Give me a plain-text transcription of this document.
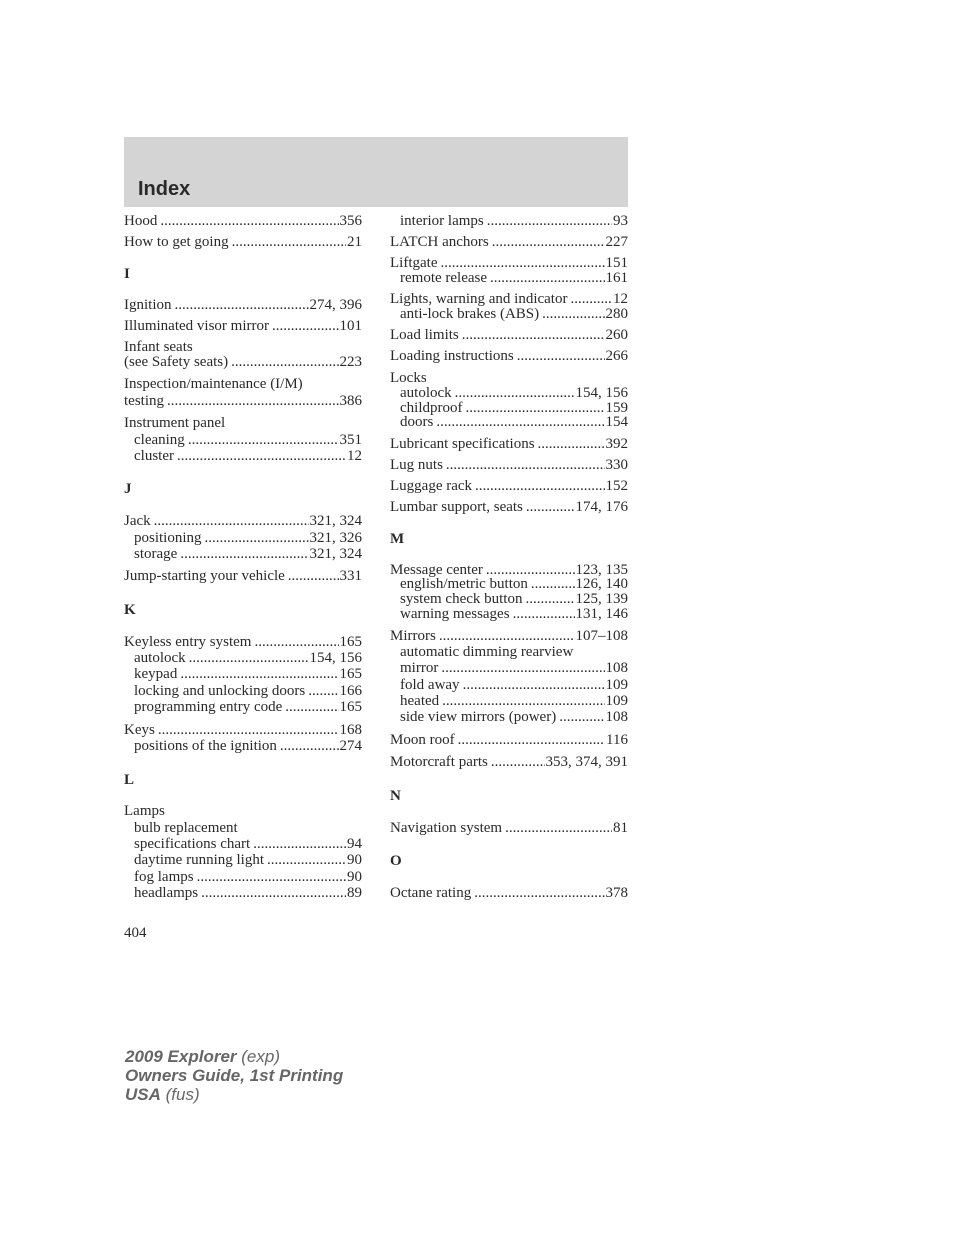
Index
Hood .....	356
How to get going .....	21
I
Ignition .....	274, 396
Illuminated visor mirror .....	101
Infant seats
(see Safety seats) .....	223
Inspection/maintenance (I/M)
testing .....	386
Instrument panel
cleaning .....	351
cluster .....	12
J
Jack .....	321, 324
positioning .....	321, 326
storage .....	321, 324
Jump-starting your vehicle .....	331
K
Keyless entry system .....	165
autolock .....	154, 156
keypad .....	165
locking and unlocking doors ..... 166
programming entry code .....	165
Keys .....	168
positions of the ignition .....	274
L
Lamps
bulb replacement
specifications chart .....	94
daytime running light .....	90
fog lamps .....	90
headlamps .....	89
interior lamps .....	93
LATCH anchors .....	227
Liftgate .....	151
remote release .....	161
Lights, warning and indicator .....	12
anti-lock brakes (ABS) .....	280
Load limits .....	260
Loading instructions .....	266
Locks
autolock .....	154, 156
childproof .....	159
doors .....	154
Lubricant specifications .....	392
Lug nuts .....	330
Luggage rack .....	152
Lumbar support, seats .....	174, 176
M
Message center .....	123, 135
english/metric button .....	126, 140
system check button .....	125, 139
warning messages .....	131, 146
Mirrors .....	107–108
automatic dimming rearview
mirror .....	108
fold away .....	109
heated .....	109
side view mirrors (power) .....	108
Moon roof .....	116
Motorcraft parts .....	353, 374, 391
N
Navigation system .....	81
O
Octane rating .....	378
404
2009 Explorer (exp)
Owners Guide, 1st Printing
USA (fus)
